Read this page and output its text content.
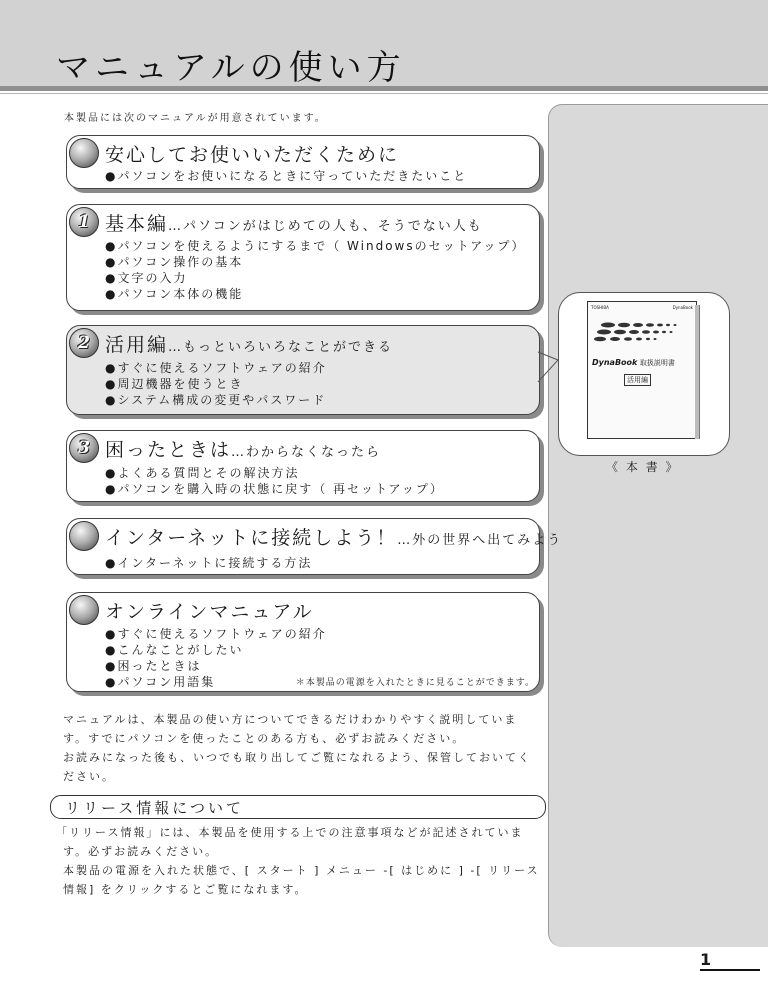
マニュアルの使い方
本製品には次のマニュアルが用意されています。
安心してお使いいただくために
●パソコンをお使いになるときに守っていただきたいこと
1 基本編…パソコンがはじめての人も、そうでない人も
●パソコンを使えるようにするまで（ Windowsのセットアップ）
●パソコン操作の基本
●文字の入力
●パソコン本体の機能
2 活用編…もっといろいろなことができる
●すぐに使えるソフトウェアの紹介
●周辺機器を使うとき
●システム構成の変更やパスワード
3 困ったときは…わからなくなったら
●よくある質問とその解決方法
●パソコンを購入時の状態に戻す（ 再セットアップ）
インターネットに接続しよう！…外の世界へ出てみよう
●インターネットに接続する方法
オンラインマニュアル
●すぐに使えるソフトウェアの紹介
●こんなことがしたい
●困ったときは
●パソコン用語集	＊本製品の電源を入れたときに見ることができます。
TOSHIBA	DynaBook
DynaBook 取扱説明書
活用編
《 本 書 》
マニュアルは、本製品の使い方についてできるだけわかりやすく説明していま
す。すでにパソコンを使ったことのある方も、必ずお読みください。
お読みになった後も、いつでも取り出してご覧になれるよう、保管しておいてく
ださい。
リリース情報について
「リリース情報」には、本製品を使用する上での注意事項などが記述されていま
す。必ずお読みください。
本製品の電源を入れた状態で、[ スタート ] メニュー -[ はじめに ] -[ リリース
情報] をクリックするとご覧になれます。
1
